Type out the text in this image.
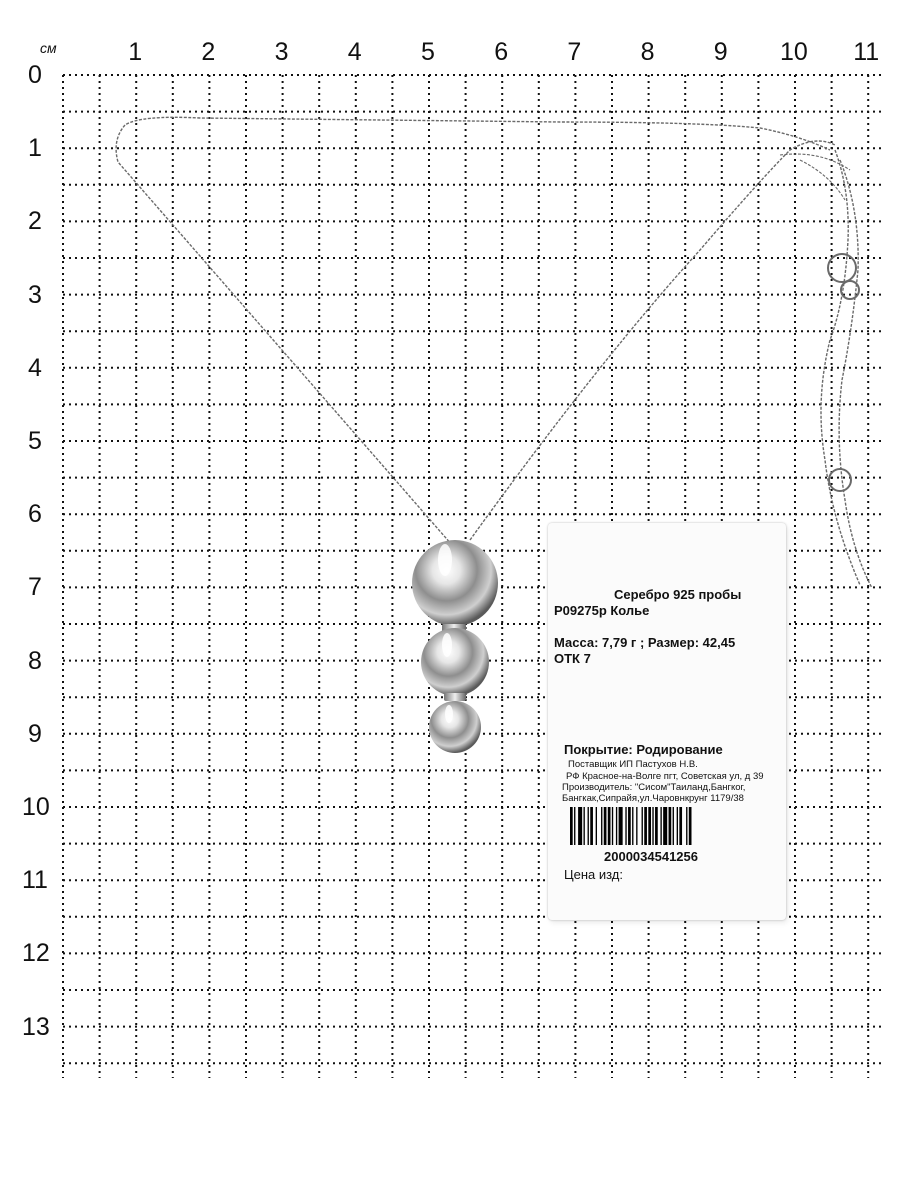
см	1 2 3 4 5 6 7 8 9 10 11
0
1
2
3
4
5
6
7
8
9
10
11
12
13
Серебро 925 пробы
Р09275р Колье
Масса: 7,79 г ; Размер: 42,45
ОТК 7
Покрытие: Родирование
Поставщик ИП Пастухов Н.В.
РФ Красное-на-Волге пгт, Советская ул, д 39
Производитель: "Сисом"Таиланд,Бангког,
Бангкак,Сипрайя,ул.Чаровнкрунг 1179/38
2000034541256
Цена изд:
